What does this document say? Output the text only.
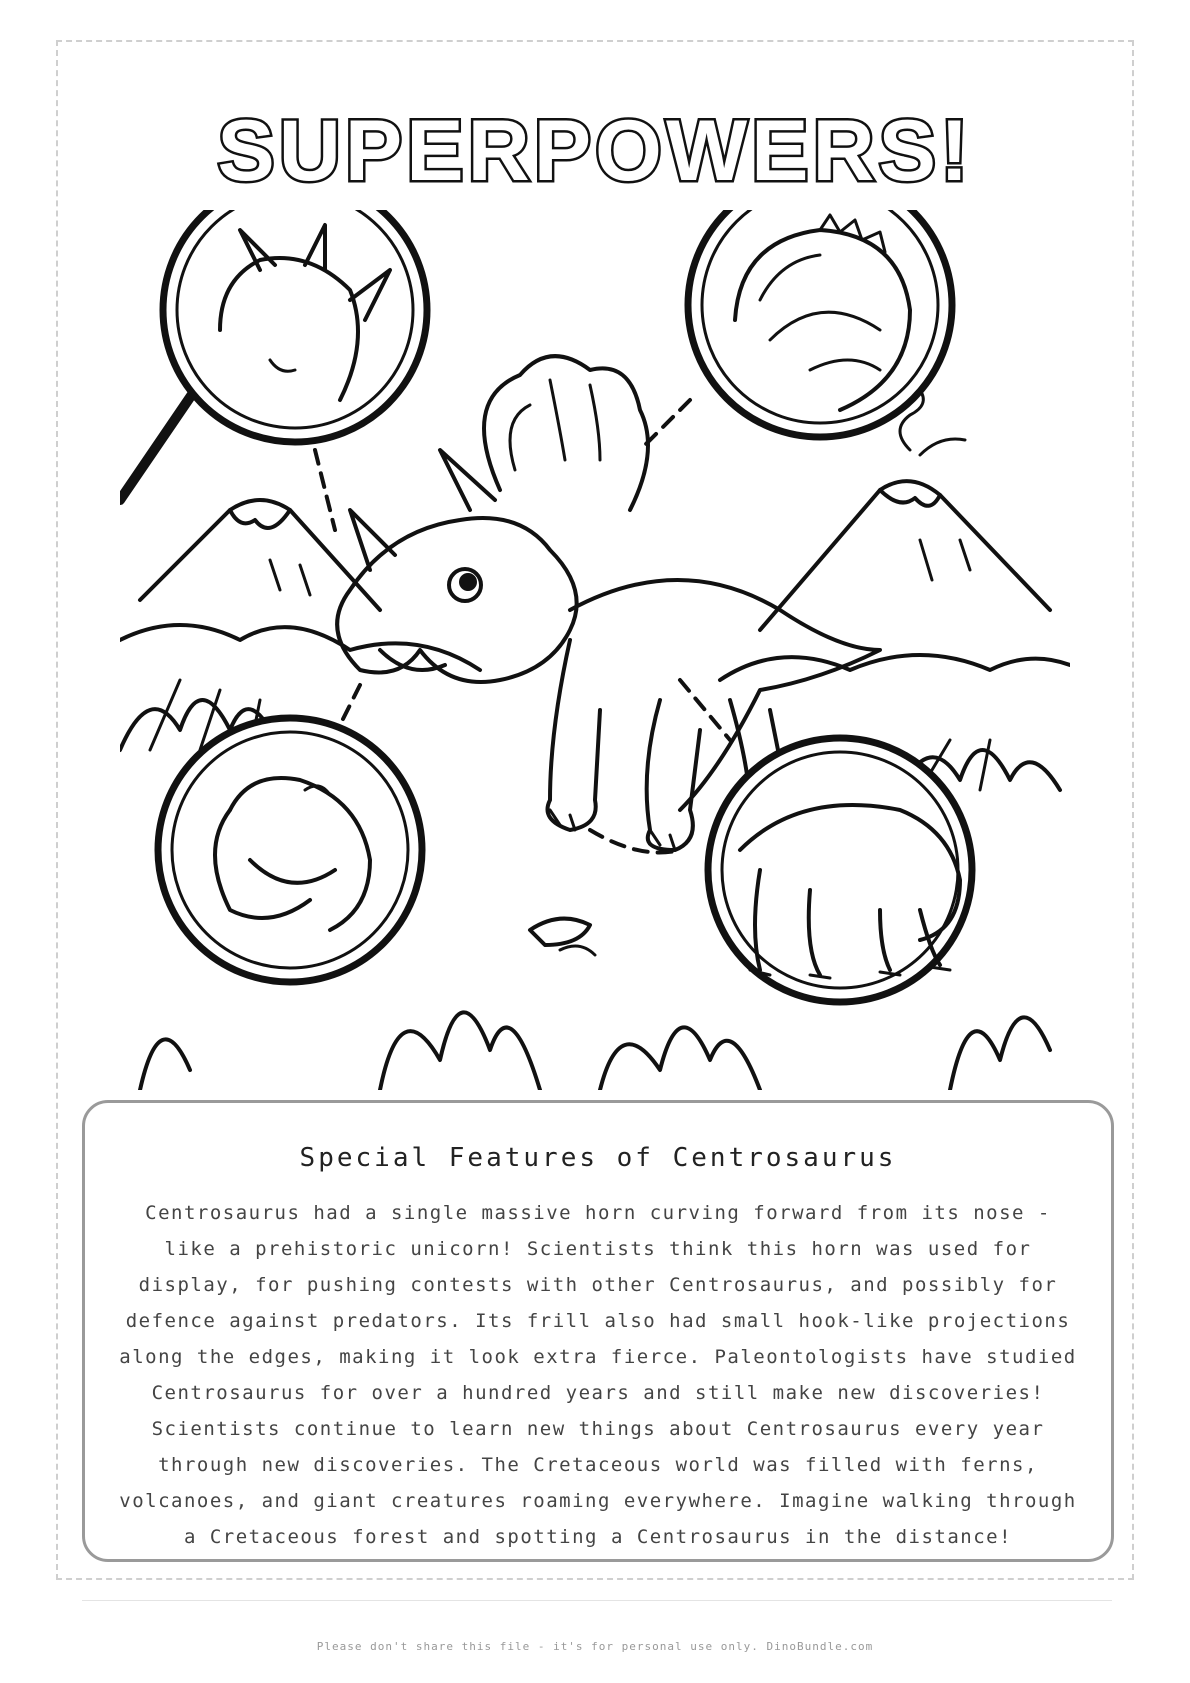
SUPERPOWERS!
Special Features of Centrosaurus
Centrosaurus had a single massive horn curving forward from its nose - like a prehistoric unicorn! Scientists think this horn was used for display, for pushing contests with other Centrosaurus, and possibly for defence against predators. Its frill also had small hook-like projections along the edges, making it look extra fierce. Paleontologists have studied Centrosaurus for over a hundred years and still make new discoveries! Scientists continue to learn new things about Centrosaurus every year through new discoveries. The Cretaceous world was filled with ferns, volcanoes, and giant creatures roaming everywhere. Imagine walking through a Cretaceous forest and spotting a Centrosaurus in the distance!
Please don't share this file - it's for personal use only. DinoBundle.com
